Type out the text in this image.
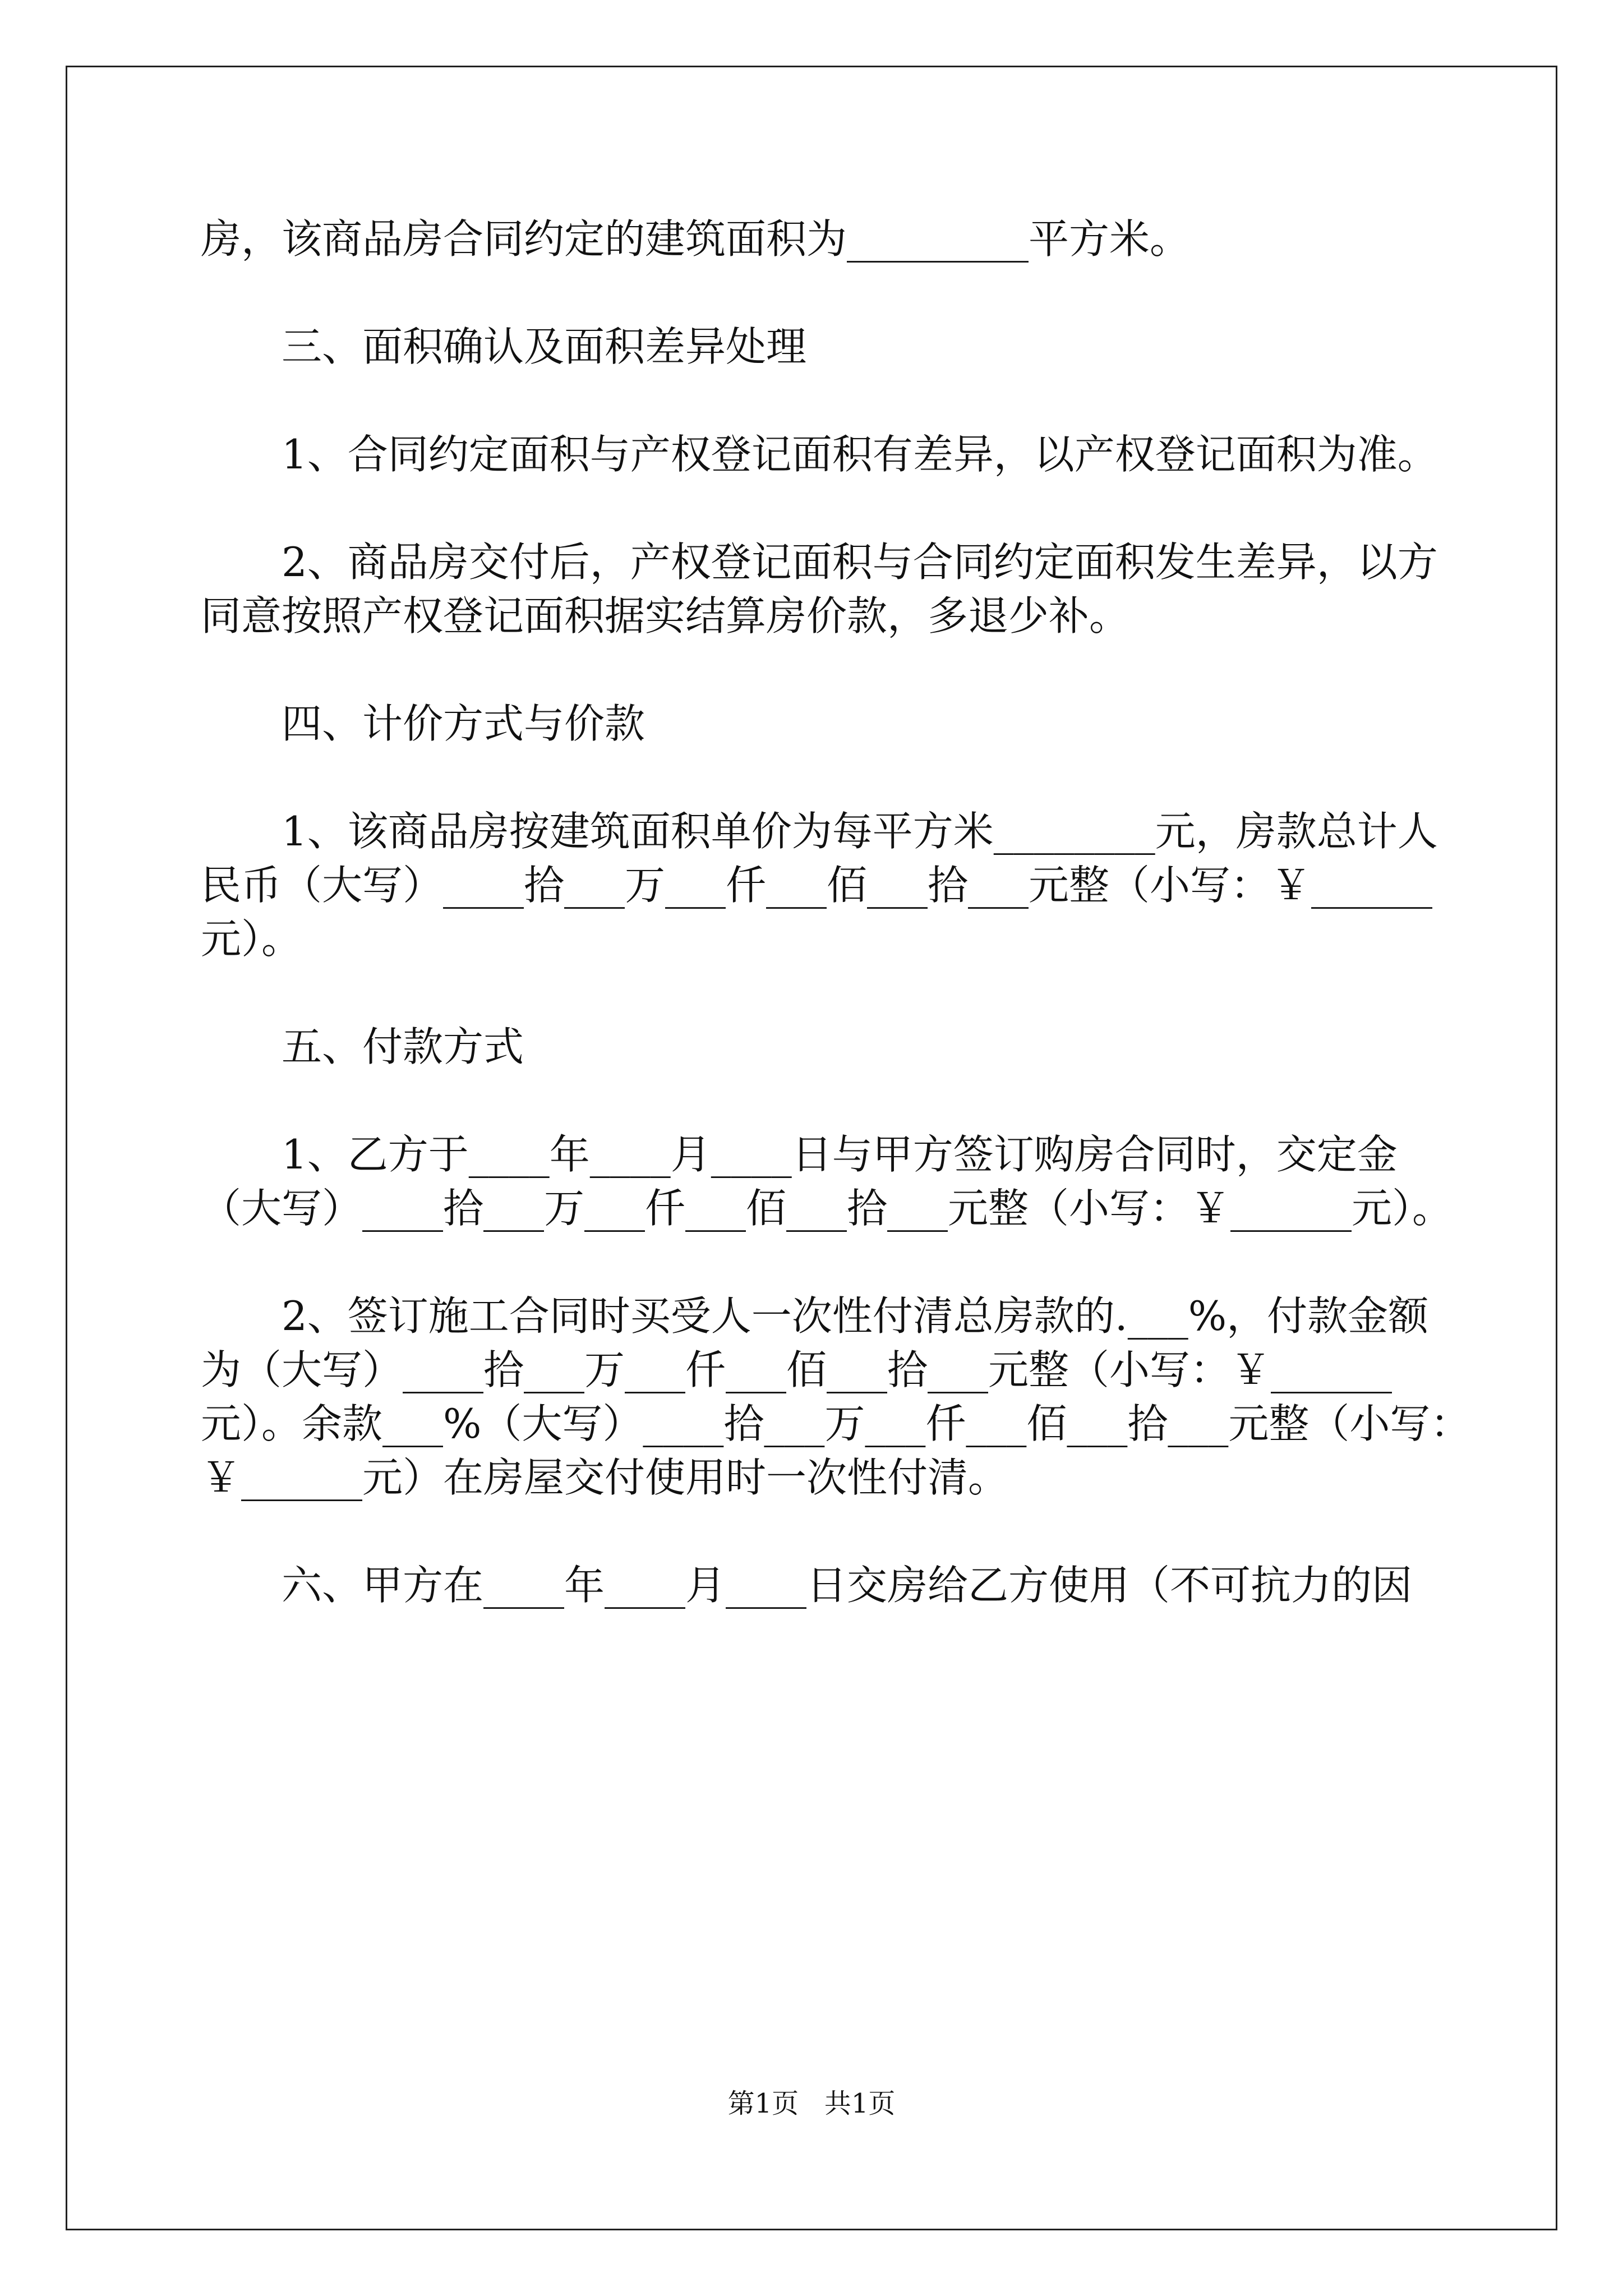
房，该商品房合同约定的建筑面积为_________平方米。
三、面积确认及面积差异处理
1、合同约定面积与产权登记面积有差异，以产权登记面积为准。
2、商品房交付后，产权登记面积与合同约定面积发生差异，以方
同意按照产权登记面积据实结算房价款，多退少补。
四、计价方式与价款
1、该商品房按建筑面积单价为每平方米________元，房款总计人
民币（大写）____拾___万___仟___佰___拾___元整（小写：￥______
元）。
五、付款方式
1、乙方于____年____月____日与甲方签订购房合同时，交定金
（大写）____拾___万___仟___佰___拾___元整（小写：￥______元）。
2、签订施工合同时买受人一次性付清总房款的.___%，付款金额
为（大写）____拾___万___仟___佰___拾___元整（小写：￥______
元）。余款___%（大写）____拾___万___仟___佰___拾___元整（小写：
￥______元）在房屋交付使用时一次性付清。
六、甲方在____年____月____日交房给乙方使用（不可抗力的因
第1页   共1页
